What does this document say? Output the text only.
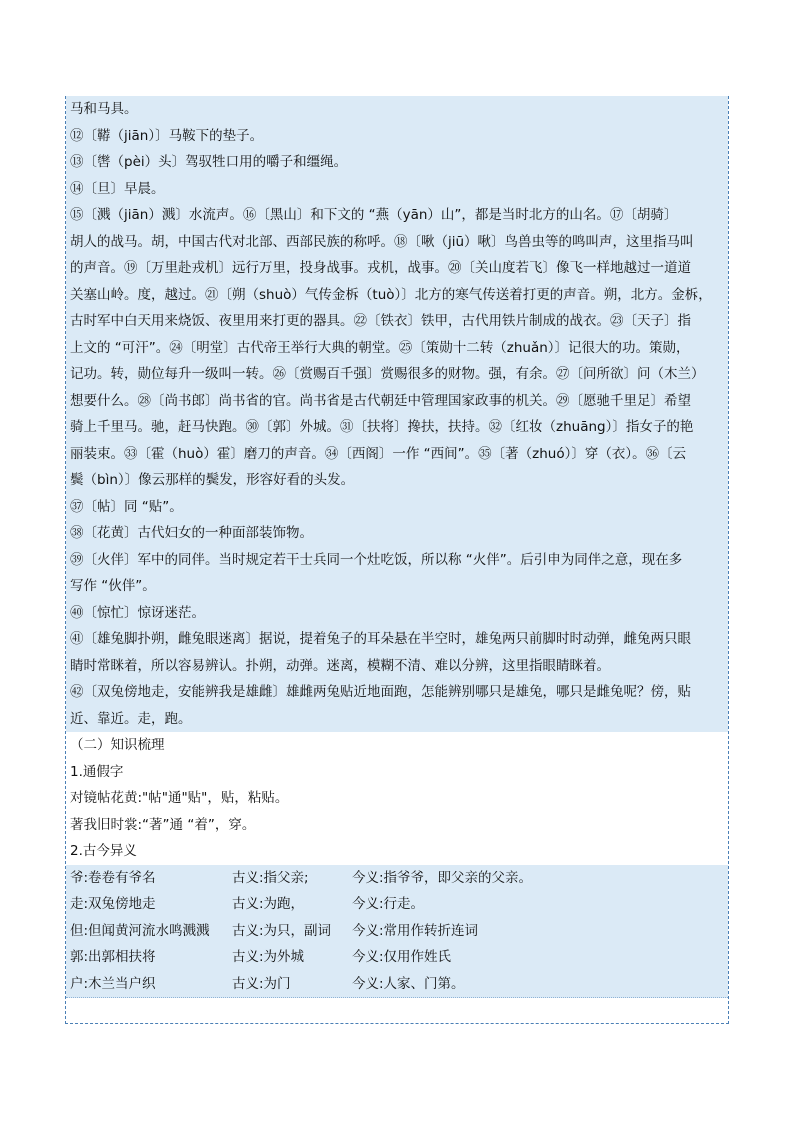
马和马具。
⑫〔鞯（jiān）〕马鞍下的垫子。
⑬〔辔（pèi）头〕驾驭牲口用的嚼子和缰绳。
⑭〔旦〕早晨。
⑮〔溅（jiān）溅〕水流声。⑯〔黑山〕和下文的 “燕（yān）山”，都是当时北方的山名。⑰〔胡骑〕
胡人的战马。胡，中国古代对北部、西部民族的称呼。⑱〔啾（jiū）啾〕鸟兽虫等的鸣叫声，这里指马叫
的声音。⑲〔万里赴戎机〕远行万里，投身战事。戎机，战事。⑳〔关山度若飞〕像飞一样地越过一道道
关塞山岭。度，越过。㉑〔朔（shuò）气传金柝（tuò）〕北方的寒气传送着打更的声音。朔，北方。金柝，
古时军中白天用来烧饭、夜里用来打更的器具。㉒〔铁衣〕铁甲，古代用铁片制成的战衣。㉓〔天子〕指
上文的 “可汗”。㉔〔明堂〕古代帝王举行大典的朝堂。㉕〔策勋十二转（zhuǎn）〕记很大的功。策勋，
记功。转，勋位每升一级叫一转。㉖〔赏赐百千强〕赏赐很多的财物。强，有余。㉗〔问所欲〕问（木兰）
想要什么。㉘〔尚书郎〕尚书省的官。尚书省是古代朝廷中管理国家政事的机关。㉙〔愿驰千里足〕希望
骑上千里马。驰，赶马快跑。㉚〔郭〕外城。㉛〔扶将〕搀扶，扶持。㉜〔红妆（zhuāng）〕指女子的艳
丽装束。㉝〔霍（huò）霍〕磨刀的声音。㉞〔西阁〕一作 “西间”。㉟〔著（zhuó）〕穿（衣）。㊱〔云
鬓（bìn）〕像云那样的鬓发，形容好看的头发。
㊲〔帖〕同 “贴”。
㊳〔花黄〕古代妇女的一种面部装饰物。
㊴〔火伴〕军中的同伴。当时规定若干士兵同一个灶吃饭，所以称 “火伴”。后引申为同伴之意，现在多
写作 “伙伴”。
㊵〔惊忙〕惊讶迷茫。
㊶〔雄兔脚扑朔，雌兔眼迷离〕据说，提着兔子的耳朵悬在半空时，雄兔两只前脚时时动弹，雌兔两只眼
睛时常眯着，所以容易辨认。扑朔，动弹。迷离，模糊不清、难以分辨，这里指眼睛眯着。
㊷〔双兔傍地走，安能辨我是雄雌〕雄雌两兔贴近地面跑，怎能辨别哪只是雄兔，哪只是雌兔呢？傍，贴
近、靠近。走，跑。
（二）知识梳理
1.通假字
对镜帖花黄:"帖"通"贴"，贴，粘贴。
著我旧时裳:“著”通 “着”，穿。
2.古今异义
爷:卷卷有爷名	古义:指父亲;	今义:指爷爷，即父亲的父亲。
走:双兔傍地走	古义:为跑，	今义:行走。
但:但闻黄河流水鸣溅溅 古义:为只，副词 今义:常用作转折连词
郭:出郭相扶将	古义:为外城	今义:仅用作姓氏
户:木兰当户织	古义:为门	今义:人家、门第。
